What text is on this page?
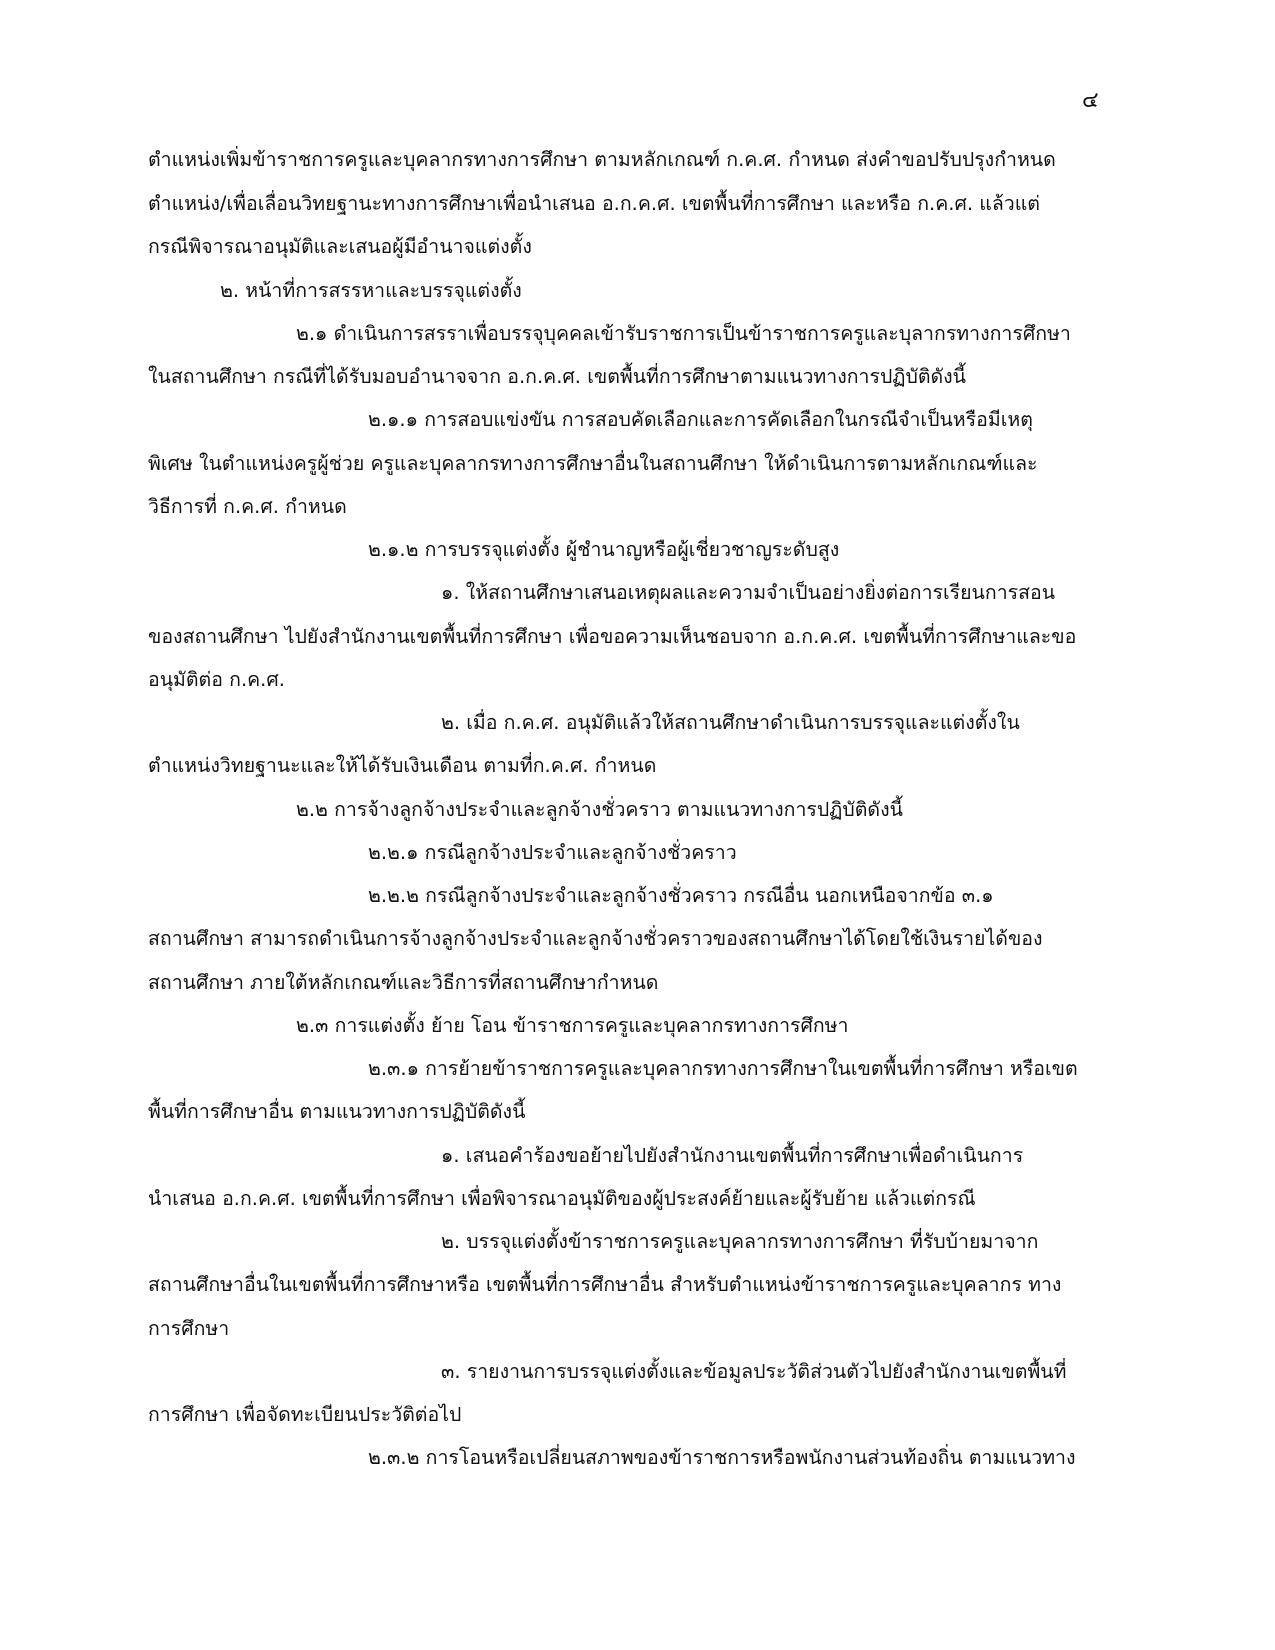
๔
ตำแหน่งเพิ่มข้าราชการครูและบุคลากรทางการศึกษา ตามหลักเกณฑ์ ก.ค.ศ. กำหนด ส่งคำขอปรับปรุงกำหนด
ตำแหน่ง/เพื่อเลื่อนวิทยฐานะทางการศึกษาเพื่อนำเสนอ อ.ก.ค.ศ. เขตพื้นที่การศึกษา และหรือ ก.ค.ศ. แล้วแต่
กรณีพิจารณาอนุมัติและเสนอผู้มีอำนาจแต่งตั้ง
๒. หน้าที่การสรรหาและบรรจุแต่งตั้ง
๒.๑ ดำเนินการสรราเพื่อบรรจุบุคคลเข้ารับราชการเป็นข้าราชการครูและบุลากรทางการศึกษา
ในสถานศึกษา กรณีที่ได้รับมอบอำนาจจาก อ.ก.ค.ศ. เขตพื้นที่การศึกษาตามแนวทางการปฏิบัติดังนี้
๒.๑.๑ การสอบแข่งขัน การสอบคัดเลือกและการคัดเลือกในกรณีจำเป็นหรือมีเหตุ
พิเศษ ในตำแหน่งครูผู้ช่วย ครูและบุคลากรทางการศึกษาอื่นในสถานศึกษา ให้ดำเนินการตามหลักเกณฑ์และ
วิธีการที่ ก.ค.ศ. กำหนด
๒.๑.๒ การบรรจุแต่งตั้ง ผู้ชำนาญหรือผู้เชี่ยวชาญระดับสูง
๑. ให้สถานศึกษาเสนอเหตุผลและความจำเป็นอย่างยิ่งต่อการเรียนการสอน
ของสถานศึกษา ไปยังสำนักงานเขตพื้นที่การศึกษา เพื่อขอความเห็นชอบจาก อ.ก.ค.ศ. เขตพื้นที่การศึกษาและขอ
อนุมัติต่อ ก.ค.ศ.
๒. เมื่อ ก.ค.ศ. อนุมัติแล้วให้สถานศึกษาดำเนินการบรรจุและแต่งตั้งใน
ตำแหน่งวิทยฐานะและให้ได้รับเงินเดือน ตามที่ก.ค.ศ. กำหนด
๒.๒ การจ้างลูกจ้างประจำและลูกจ้างชั่วคราว ตามแนวทางการปฏิบัติดังนี้
๒.๒.๑ กรณีลูกจ้างประจำและลูกจ้างชั่วคราว
๒.๒.๒ กรณีลูกจ้างประจำและลูกจ้างชั่วคราว กรณีอื่น นอกเหนือจากข้อ ๓.๑
สถานศึกษา สามารถดำเนินการจ้างลูกจ้างประจำและลูกจ้างชั่วคราวของสถานศึกษาได้โดยใช้เงินรายได้ของ
สถานศึกษา ภายใต้หลักเกณฑ์และวิธีการที่สถานศึกษากำหนด
๒.๓ การแต่งตั้ง ย้าย โอน ข้าราชการครูและบุคลากรทางการศึกษา
๒.๓.๑ การย้ายข้าราชการครูและบุคลากรทางการศึกษาในเขตพื้นที่การศึกษา หรือเขต
พื้นที่การศึกษาอื่น ตามแนวทางการปฏิบัติดังนี้
๑. เสนอคำร้องขอย้ายไปยังสำนักงานเขตพื้นที่การศึกษาเพื่อดำเนินการ
นำเสนอ อ.ก.ค.ศ. เขตพื้นที่การศึกษา เพื่อพิจารณาอนุมัติของผู้ประสงค์ย้ายและผู้รับย้าย แล้วแต่กรณี
๒. บรรจุแต่งตั้งข้าราชการครูและบุคลากรทางการศึกษา ที่รับบ้ายมาจาก
สถานศึกษาอื่นในเขตพื้นที่การศึกษาหรือ เขตพื้นที่การศึกษาอื่น สำหรับตำแหน่งข้าราชการครูและบุคลากร ทาง
การศึกษา
๓. รายงานการบรรจุแต่งตั้งและข้อมูลประวัติส่วนตัวไปยังสำนักงานเขตพื้นที่
การศึกษา เพื่อจัดทะเบียนประวัติต่อไป
๒.๓.๒ การโอนหรือเปลี่ยนสภาพของข้าราชการหรือพนักงานส่วนท้องถิ่น ตามแนวทาง
